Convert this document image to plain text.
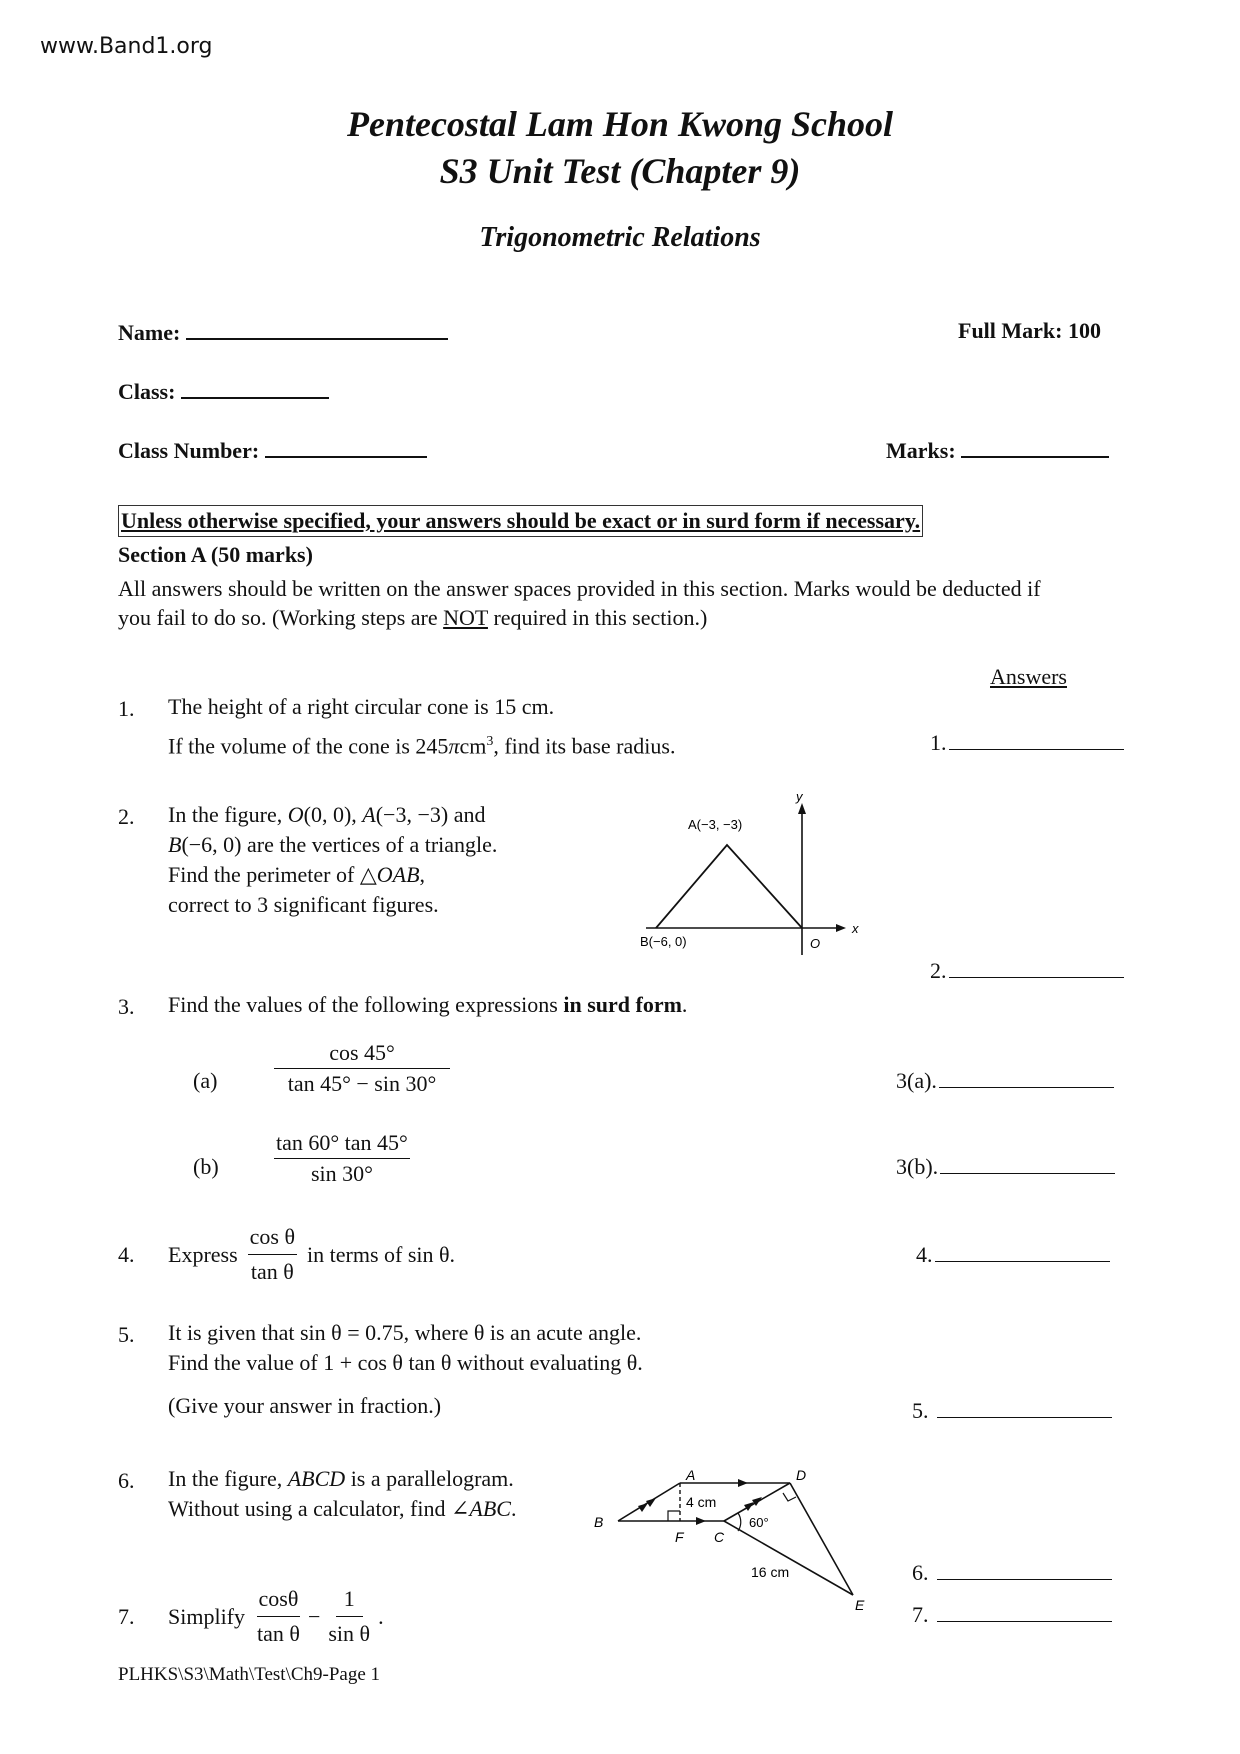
www.Band1.org
Pentecostal Lam Hon Kwong School
S3 Unit Test (Chapter 9)
Trigonometric Relations
Name:	Full Mark: 100
Class:
Class Number:	Marks:
Unless otherwise specified, your answers should be exact or in surd form if necessary.
Section A (50 marks)
All answers should be written on the answer spaces provided in this section. Marks would be deducted if you fail to do so. (Working steps are NOT required in this section.)
Answers
1. The height of a right circular cone is 15 cm.
If the volume of the cone is 245πcm$^3$, find its base radius.	1.
2. In the figure, O(0, 0), A(−3, −3) and
B(−6, 0) are the vertices of a triangle.
Find the perimeter of △OAB,
correct to 3 significant figures.
A(−3, −3)
B(−6, 0)	O
x
y
2.
3. Find the values of the following expressions in surd form.
(a)	$\frac{\cos 45^\circ}{\tan 45^\circ - \sin 30^\circ}$	3(a).
(b)	$\frac{\tan 60^\circ \tan 45^\circ}{\sin 30^\circ}$	3(b).
4. Express $\frac{\text{cos θ}}{\text{tan θ}}$ in terms of sin θ.	4.
5. It is given that sin θ = 0.75, where θ is an acute angle.
Find the value of 1 + cos θ tan θ without evaluating θ.
(Give your answer in fraction.)	5.
6. In the figure, ABCD is a parallelogram.
Without using a calculator, find ∠ABC.
A
B
C
D
E
F
4 cm
60°
16 cm	6.
7. Simplify $\frac{\cos\theta}{\text{tan θ}} - \frac{1}{\text{sin θ}}$ .	7.
PLHKS\S3\Math\Test\Ch9-Page 1
